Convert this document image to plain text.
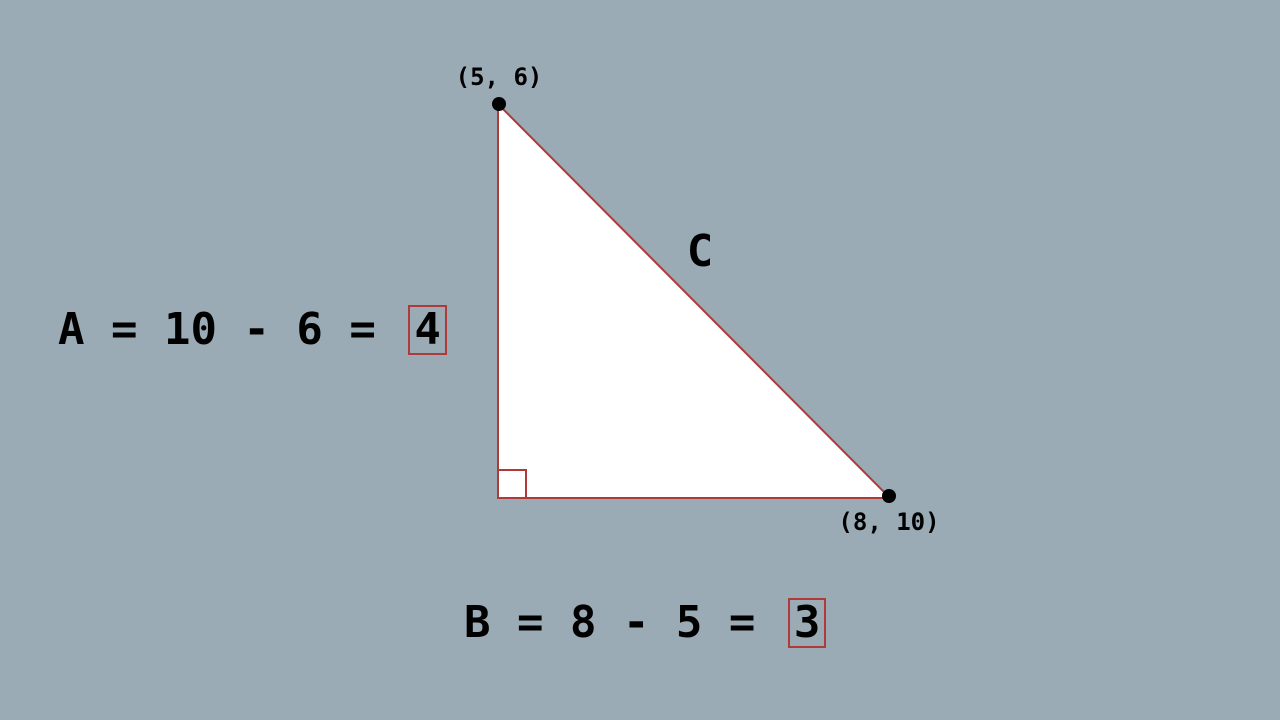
(5, 6)
(8, 10)
C
A = 10 - 6 = 4
B = 8 - 5 = 3
